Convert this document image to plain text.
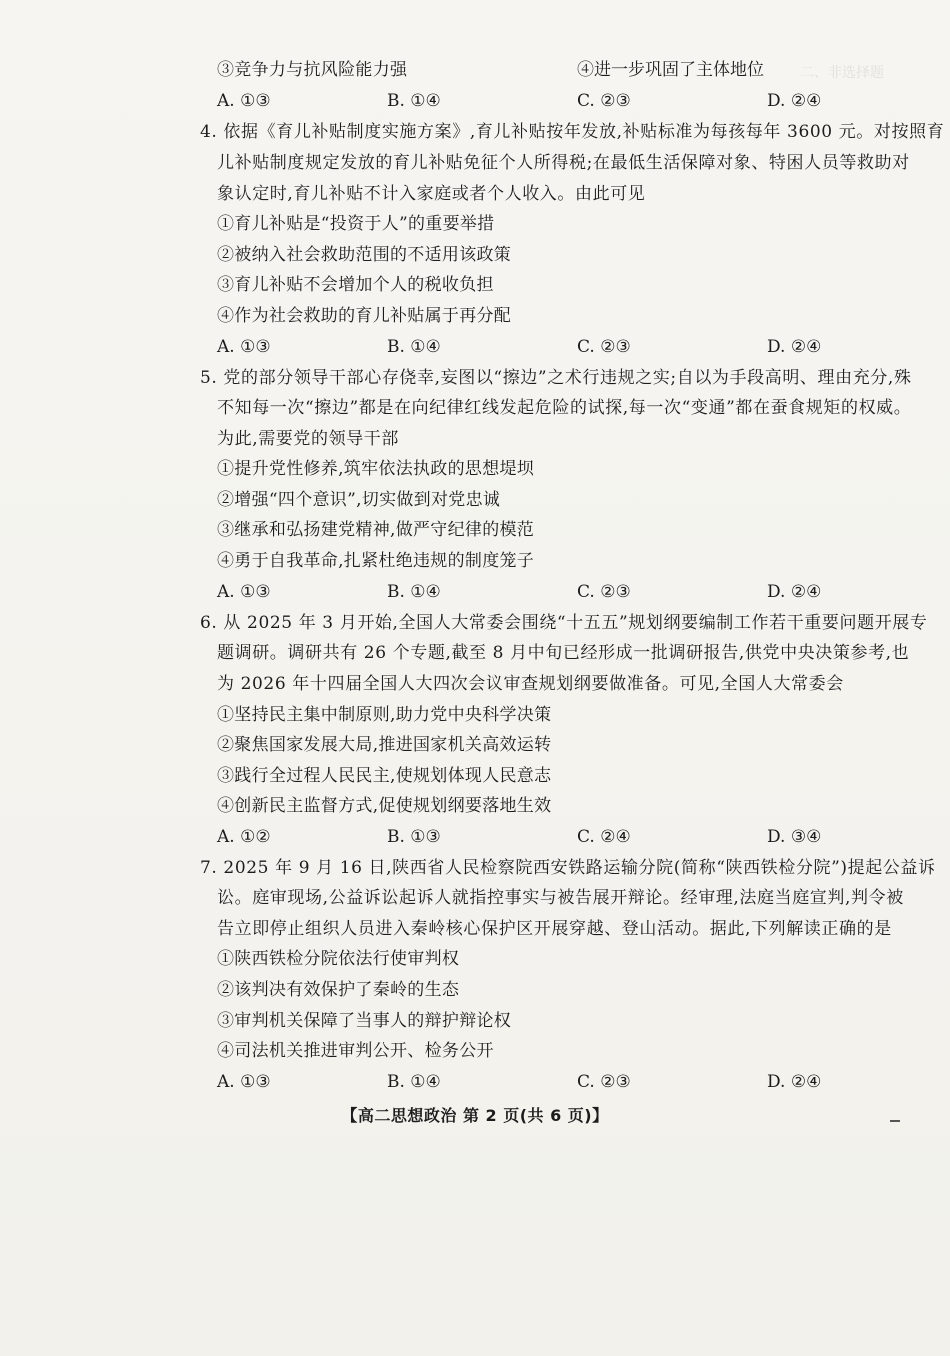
二、非选择题
③竞争力与抗风险能力强	④进一步巩固了主体地位
A. ①③	B. ①④	C. ②③	D. ②④
4. 依据《育儿补贴制度实施方案》,育儿补贴按年发放,补贴标准为每孩每年 3600 元。对按照育
儿补贴制度规定发放的育儿补贴免征个人所得税;在最低生活保障对象、特困人员等救助对
象认定时,育儿补贴不计入家庭或者个人收入。由此可见
①育儿补贴是“投资于人”的重要举措
②被纳入社会救助范围的不适用该政策
③育儿补贴不会增加个人的税收负担
④作为社会救助的育儿补贴属于再分配
A. ①③	B. ①④	C. ②③	D. ②④
5. 党的部分领导干部心存侥幸,妄图以“擦边”之术行违规之实;自以为手段高明、理由充分,殊
不知每一次“擦边”都是在向纪律红线发起危险的试探,每一次“变通”都在蚕食规矩的权威。
为此,需要党的领导干部
①提升党性修养,筑牢依法执政的思想堤坝
②增强“四个意识”,切实做到对党忠诚
③继承和弘扬建党精神,做严守纪律的模范
④勇于自我革命,扎紧杜绝违规的制度笼子
A. ①③	B. ①④	C. ②③	D. ②④
6. 从 2025 年 3 月开始,全国人大常委会围绕“十五五”规划纲要编制工作若干重要问题开展专
题调研。调研共有 26 个专题,截至 8 月中旬已经形成一批调研报告,供党中央决策参考,也
为 2026 年十四届全国人大四次会议审查规划纲要做准备。可见,全国人大常委会
①坚持民主集中制原则,助力党中央科学决策
②聚焦国家发展大局,推进国家机关高效运转
③践行全过程人民民主,使规划体现人民意志
④创新民主监督方式,促使规划纲要落地生效
A. ①②	B. ①③	C. ②④	D. ③④
7. 2025 年 9 月 16 日,陕西省人民检察院西安铁路运输分院(简称“陕西铁检分院”)提起公益诉
讼。庭审现场,公益诉讼起诉人就指控事实与被告展开辩论。经审理,法庭当庭宣判,判令被
告立即停止组织人员进入秦岭核心保护区开展穿越、登山活动。据此,下列解读正确的是
①陕西铁检分院依法行使审判权
②该判决有效保护了秦岭的生态
③审判机关保障了当事人的辩护辩论权
④司法机关推进审判公开、检务公开
A. ①③	B. ①④	C. ②③	D. ②④
【高二思想政治 第 2 页(共 6 页)】
